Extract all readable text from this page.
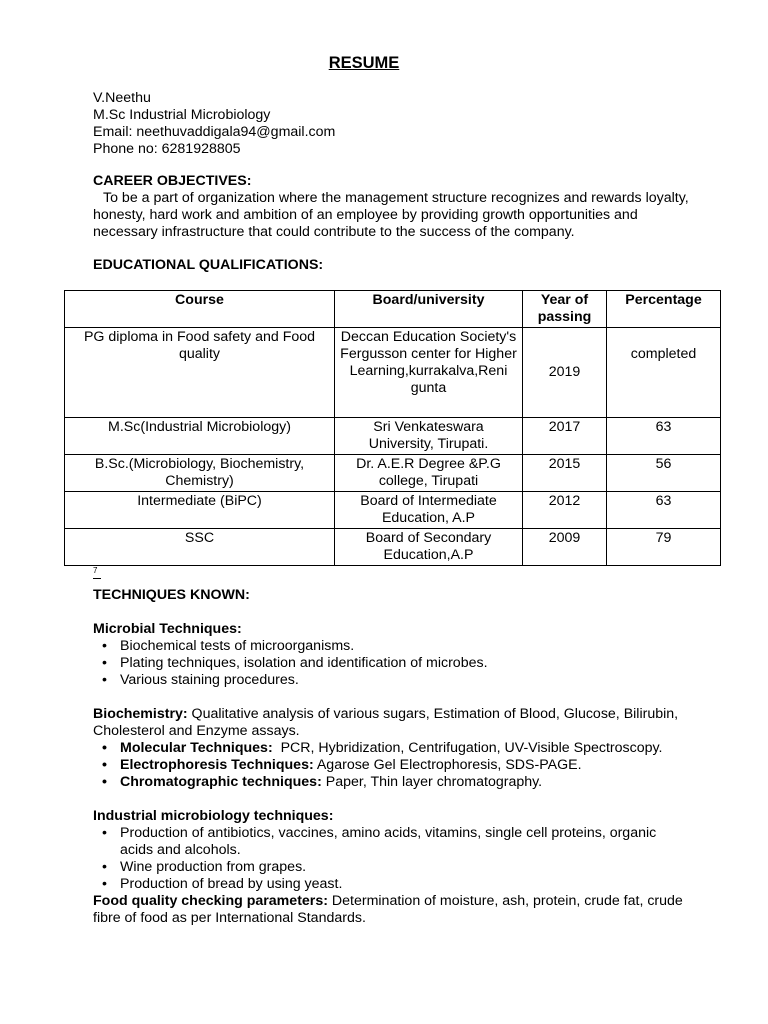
RESUME
V.Neethu
M.Sc Industrial Microbiology
Email: neethuvaddigala94@gmail.com
Phone no: 6281928805
CAREER OBJECTIVES:
To be a part of organization where the management structure recognizes and rewards loyalty,
honesty, hard work and ambition of an employee by providing growth opportunities and
necessary infrastructure that could contribute to the success of the company.
EDUCATIONAL QUALIFICATIONS:
Course	Board/university	Year of passing	Percentage
PG diploma in Food safety and Food quality	Deccan Education Society's Fergusson center for Higher Learning,kurrakalva,Reni gunta	2019	completed
M.Sc(Industrial Microbiology)	Sri Venkateswara University, Tirupati.	2017	63
B.Sc.(Microbiology, Biochemistry, Chemistry)	Dr. A.E.R Degree &P.G college, Tirupati	2015	56
Intermediate (BiPC)	Board of Intermediate Education, A.P	2012	63
SSC	Board of Secondary Education,A.P	2009	79
7
TECHNIQUES KNOWN:

Microbial Techniques:
• Biochemical tests of microorganisms.
• Plating techniques, isolation and identification of microbes.
• Various staining procedures.

Biochemistry: Qualitative analysis of various sugars, Estimation of Blood, Glucose, Bilirubin,
Cholesterol and Enzyme assays.
• Molecular Techniques:  PCR, Hybridization, Centrifugation, UV-Visible Spectroscopy.
• Electrophoresis Techniques: Agarose Gel Electrophoresis, SDS-PAGE.
• Chromatographic techniques: Paper, Thin layer chromatography.

Industrial microbiology techniques:
• Production of antibiotics, vaccines, amino acids, vitamins, single cell proteins, organic
acids and alcohols.
• Wine production from grapes.
• Production of bread by using yeast.
Food quality checking parameters: Determination of moisture, ash, protein, crude fat, crude
fibre of food as per International Standards.
